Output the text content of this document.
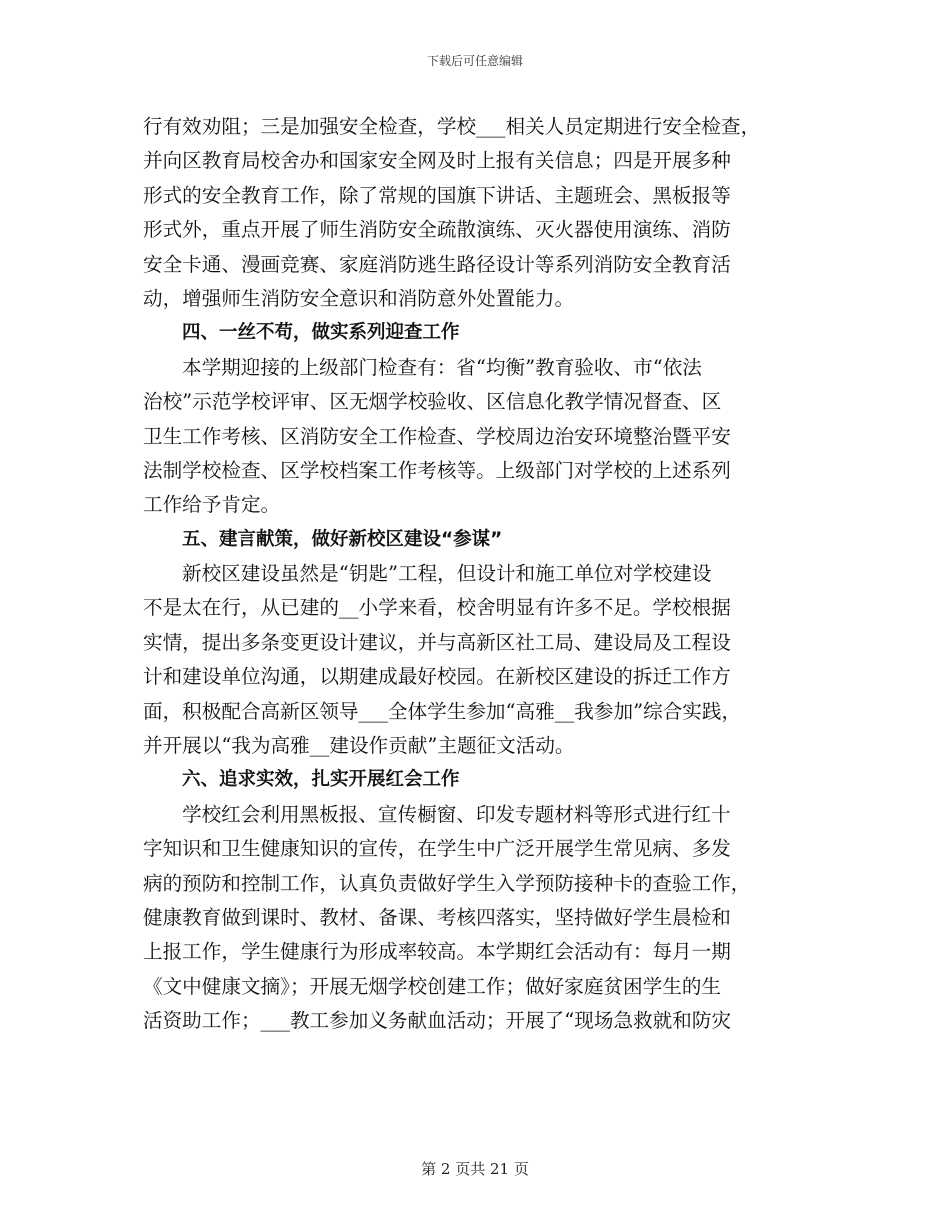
下载后可任意编辑
行有效劝阻；三是加强安全检查，学校___相关人员定期进行安全检查，
并向区教育局校舍办和国家安全网及时上报有关信息；四是开展多种
形式的安全教育工作，除了常规的国旗下讲话、主题班会、黑板报等
形式外，重点开展了师生消防安全疏散演练、灭火器使用演练、消防
安全卡通、漫画竞赛、家庭消防逃生路径设计等系列消防安全教育活
动，增强师生消防安全意识和消防意外处置能力。
四、一丝不苟，做实系列迎查工作
本学期迎接的上级部门检查有：省“均衡”教育验收、市“依法
治校”示范学校评审、区无烟学校验收、区信息化教学情况督查、区
卫生工作考核、区消防安全工作检查、学校周边治安环境整治暨平安
法制学校检查、区学校档案工作考核等。上级部门对学校的上述系列
工作给予肯定。
五、建言献策，做好新校区建设“参谋”
新校区建设虽然是“钥匙”工程，但设计和施工单位对学校建设
不是太在行，从已建的__小学来看，校舍明显有许多不足。学校根据
实情，提出多条变更设计建议，并与高新区社工局、建设局及工程设
计和建设单位沟通，以期建成最好校园。在新校区建设的拆迁工作方
面，积极配合高新区领导___全体学生参加“高雅__我参加”综合实践，
并开展以“我为高雅__建设作贡献”主题征文活动。
六、追求实效，扎实开展红会工作
学校红会利用黑板报、宣传橱窗、印发专题材料等形式进行红十
字知识和卫生健康知识的宣传，在学生中广泛开展学生常见病、多发
病的预防和控制工作，认真负责做好学生入学预防接种卡的查验工作，
健康教育做到课时、教材、备课、考核四落实，坚持做好学生晨检和
上报工作，学生健康行为形成率较高。本学期红会活动有：每月一期
《文中健康文摘》；开展无烟学校创建工作；做好家庭贫困学生的生
活资助工作；___教工参加义务献血活动；开展了“现场急救就和防灾
第 2 页共 21 页
